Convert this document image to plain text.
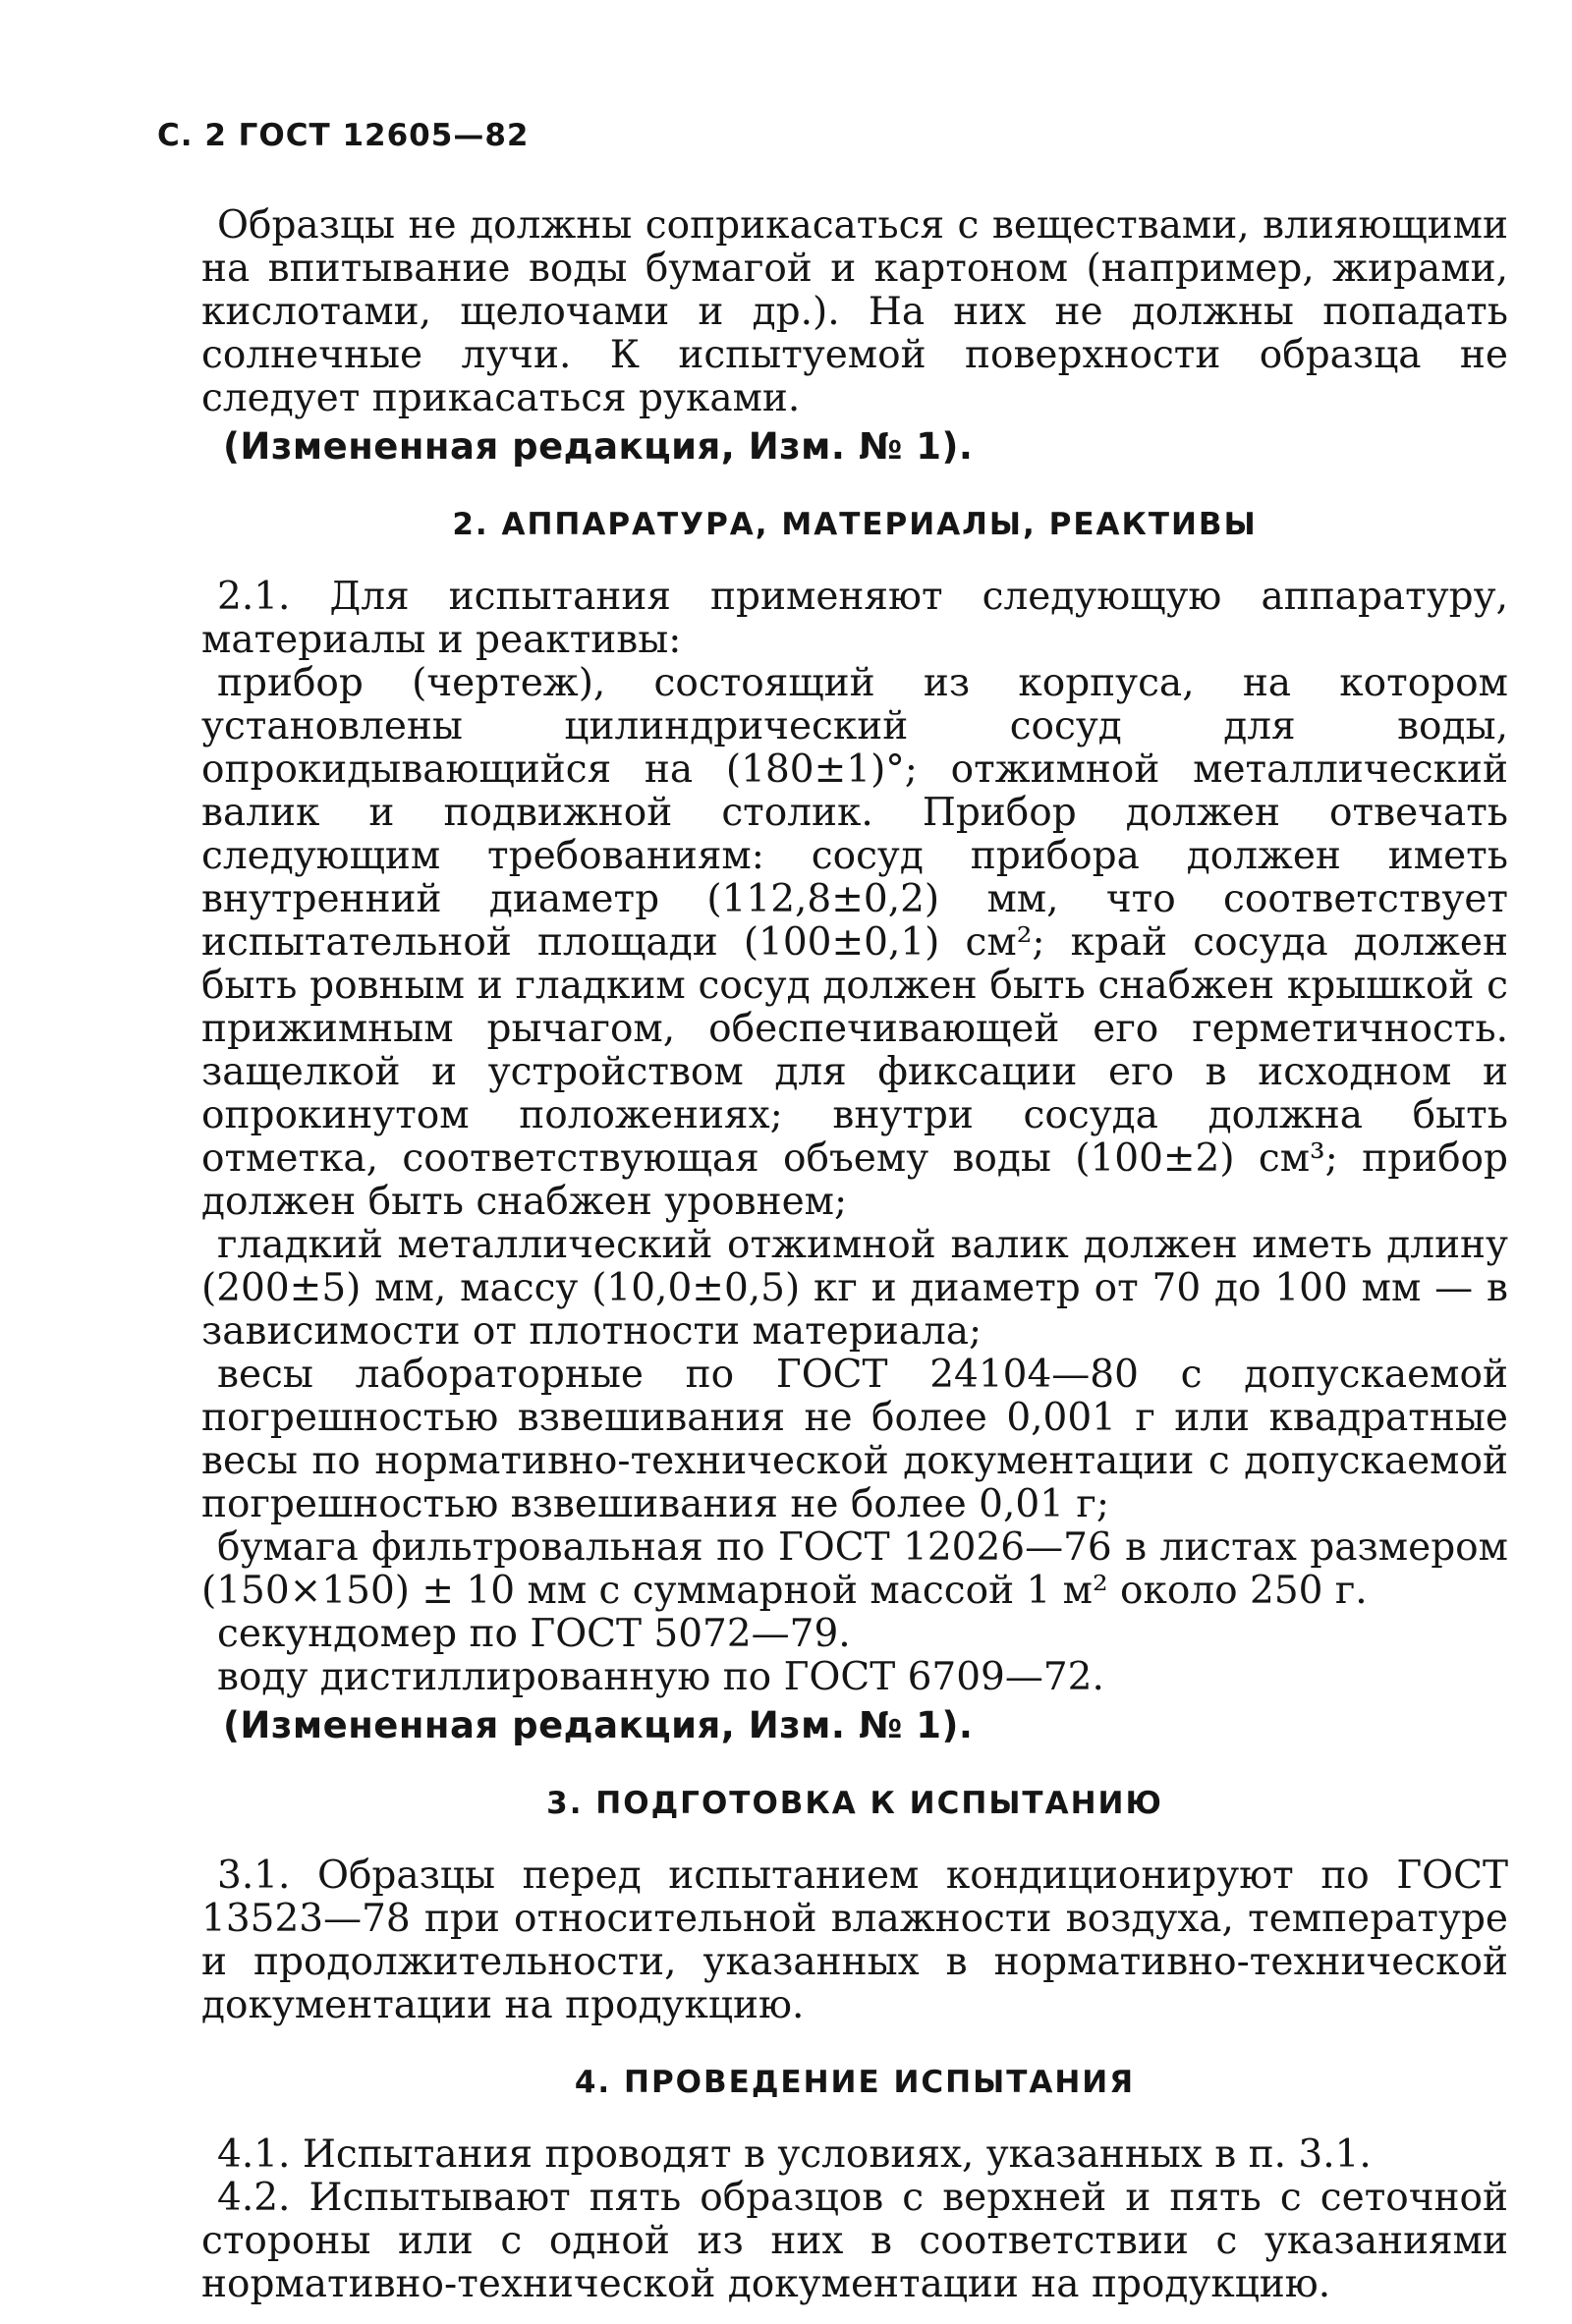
С. 2 ГОСТ 12605—82

Образцы не должны соприкасаться с веществами, влияющими на впитывание воды бумагой и картоном (например, жирами, кислотами, щелочами и др.). На них не должны попадать солнечные лучи. К испытуемой поверхности образца не следует прикасаться руками.

(Измененная редакция, Изм. № 1).
2. АППАРАТУРА, МАТЕРИАЛЫ, РЕАКТИВЫ

2.1. Для испытания применяют следующую аппаратуру, материалы и реактивы:

прибор (чертеж), состоящий из корпуса, на котором установлены цилиндрический сосуд для воды, опрокидывающийся на (180±1)°; отжимной металлический валик и подвижной столик. Прибор должен отвечать следующим требованиям: сосуд прибора должен иметь внутренний диаметр (112,8±0,2) мм, что соответствует испытательной площади (100±0,1) см²; край сосуда должен быть ровным и гладким сосуд должен быть снабжен крышкой с прижимным рычагом, обеспечивающей его герметичность. защелкой и устройством для фиксации его в исходном и опрокинутом положениях; внутри сосуда должна быть отметка, соответствующая объему воды (100±2) см³; прибор должен быть снабжен уровнем;

гладкий металлический отжимной валик должен иметь длину (200±5) мм, массу (10,0±0,5) кг и диаметр от 70 до 100 мм — в зависимости от плотности материала;

весы лабораторные по ГОСТ 24104—80 с допускаемой погрешностью взвешивания не более 0,001 г или квадратные весы по нормативно-технической документации с допускаемой погрешностью взвешивания не более 0,01 г;

бумага фильтровальная по ГОСТ 12026—76 в листах размером (150×150) ± 10 мм с суммарной массой 1 м² около 250 г.

секундомер по ГОСТ 5072—79.

воду дистиллированную по ГОСТ 6709—72.

(Измененная редакция, Изм. № 1).
3. ПОДГОТОВКА К ИСПЫТАНИЮ

3.1. Образцы перед испытанием кондиционируют по ГОСТ 13523—78 при относительной влажности воздуха, температуре и продолжительности, указанных в нормативно-технической документации на продукцию.

4. ПРОВЕДЕНИЕ ИСПЫТАНИЯ

4.1. Испытания проводят в условиях, указанных в п. 3.1.

4.2. Испытывают пять образцов с верхней и пять с сеточной стороны или с одной из них в соответствии с указаниями нормативно-технической документации на продукцию.
